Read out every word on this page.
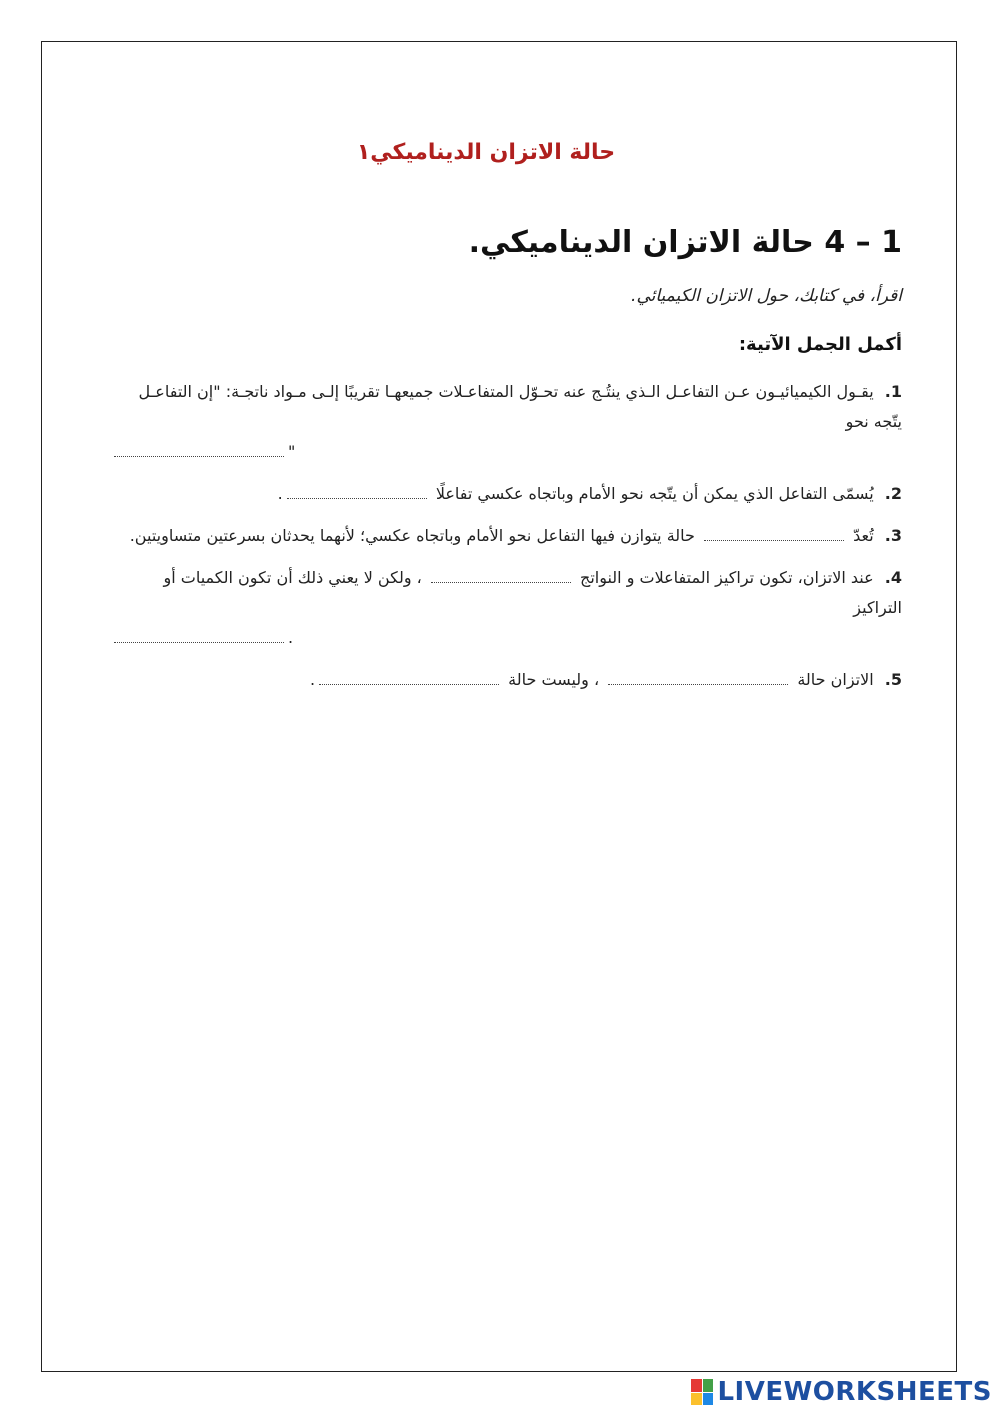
حالة الاتزان الديناميكي١
1 – 4 حالة الاتزان الديناميكي.
اقرأ، في كتابك، حول الاتزان الكيميائي.
أكمل الجمل الآتية:
1. يقـول الكيميائيـون عـن التفاعـل الـذي ينتُـج عنه تحـوّل المتفاعـلات جميعهـا تقريبًا إلـى مـواد ناتجـة: "إن التفاعـل يتّجه نحو
"
2. يُسمّى التفاعل الذي يمكن أن يتّجه نحو الأمام وباتجاه عكسي تفاعلًا .
3. تُعدّ  حالة يتوازن فيها التفاعل نحو الأمام وباتجاه عكسي؛ لأنهما يحدثان بسرعتين متساويتين.
4. عند الاتزان، تكون تراكيز المتفاعلات و النواتج  ، ولكن لا يعني ذلك أن تكون الكميات أو التراكيز
.
5. الاتزان حالة  ، وليست حالة .
LIVEWORKSHEETS
